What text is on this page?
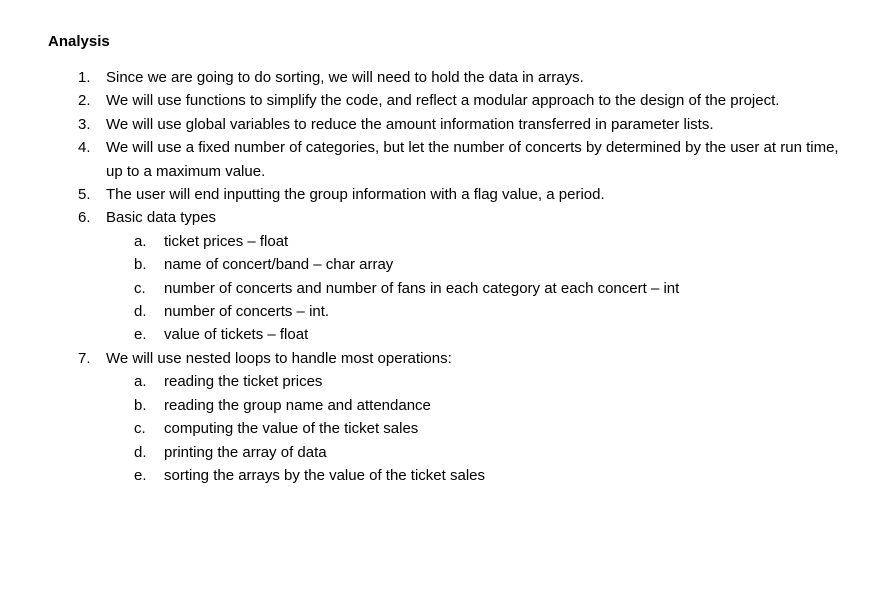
Analysis
1. Since we are going to do sorting, we will need to hold the data in arrays.
2. We will use functions to simplify the code, and reflect a modular approach to the design of the project.
3. We will use global variables to reduce the amount information transferred in parameter lists.
4. We will use a fixed number of categories, but let the number of concerts by determined by the user at run time, up to a maximum value.
5. The user will end inputting the group information with a flag value, a period.
6. Basic data types
a. ticket prices – float
b. name of concert/band – char array
c. number of concerts and number of fans in each category at each concert – int
d. number of concerts – int.
e. value of tickets – float
7. We will use nested loops to handle most operations:
a. reading the ticket prices
b. reading the group name and attendance
c. computing the value of the ticket sales
d. printing the array of data
e. sorting the arrays by the value of the ticket sales
